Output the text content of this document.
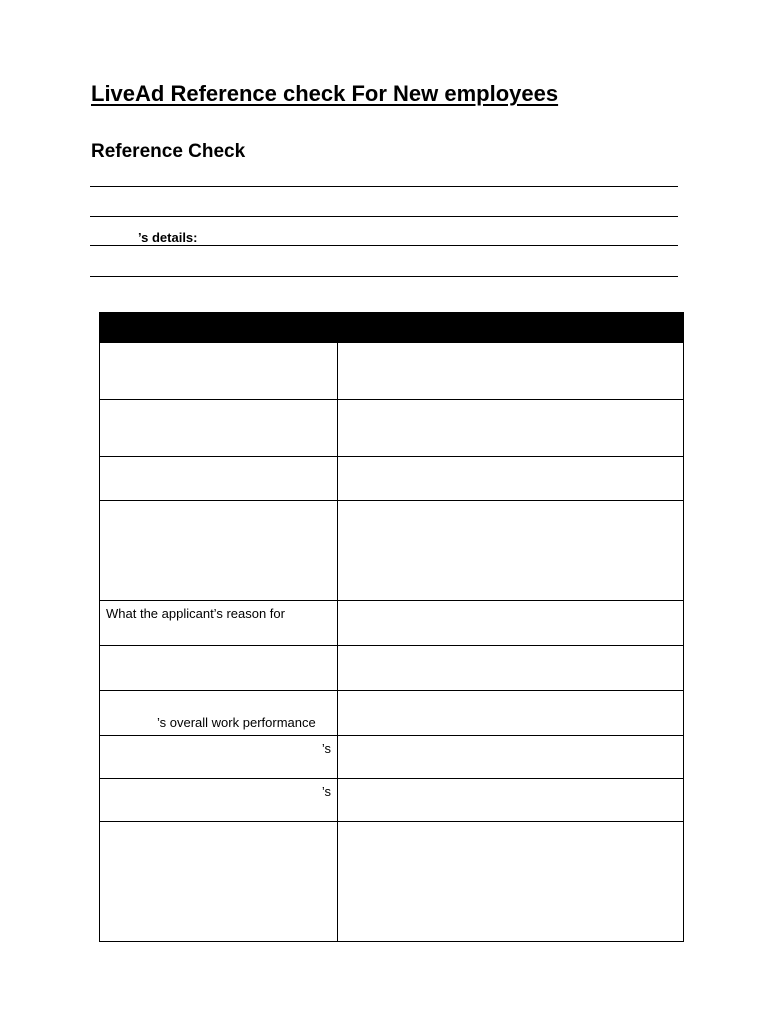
LiveAd Reference check For New employees
Reference Check
’s details:

What the applicant’s reason for	

’s overall work performance	

’s	

’s	
